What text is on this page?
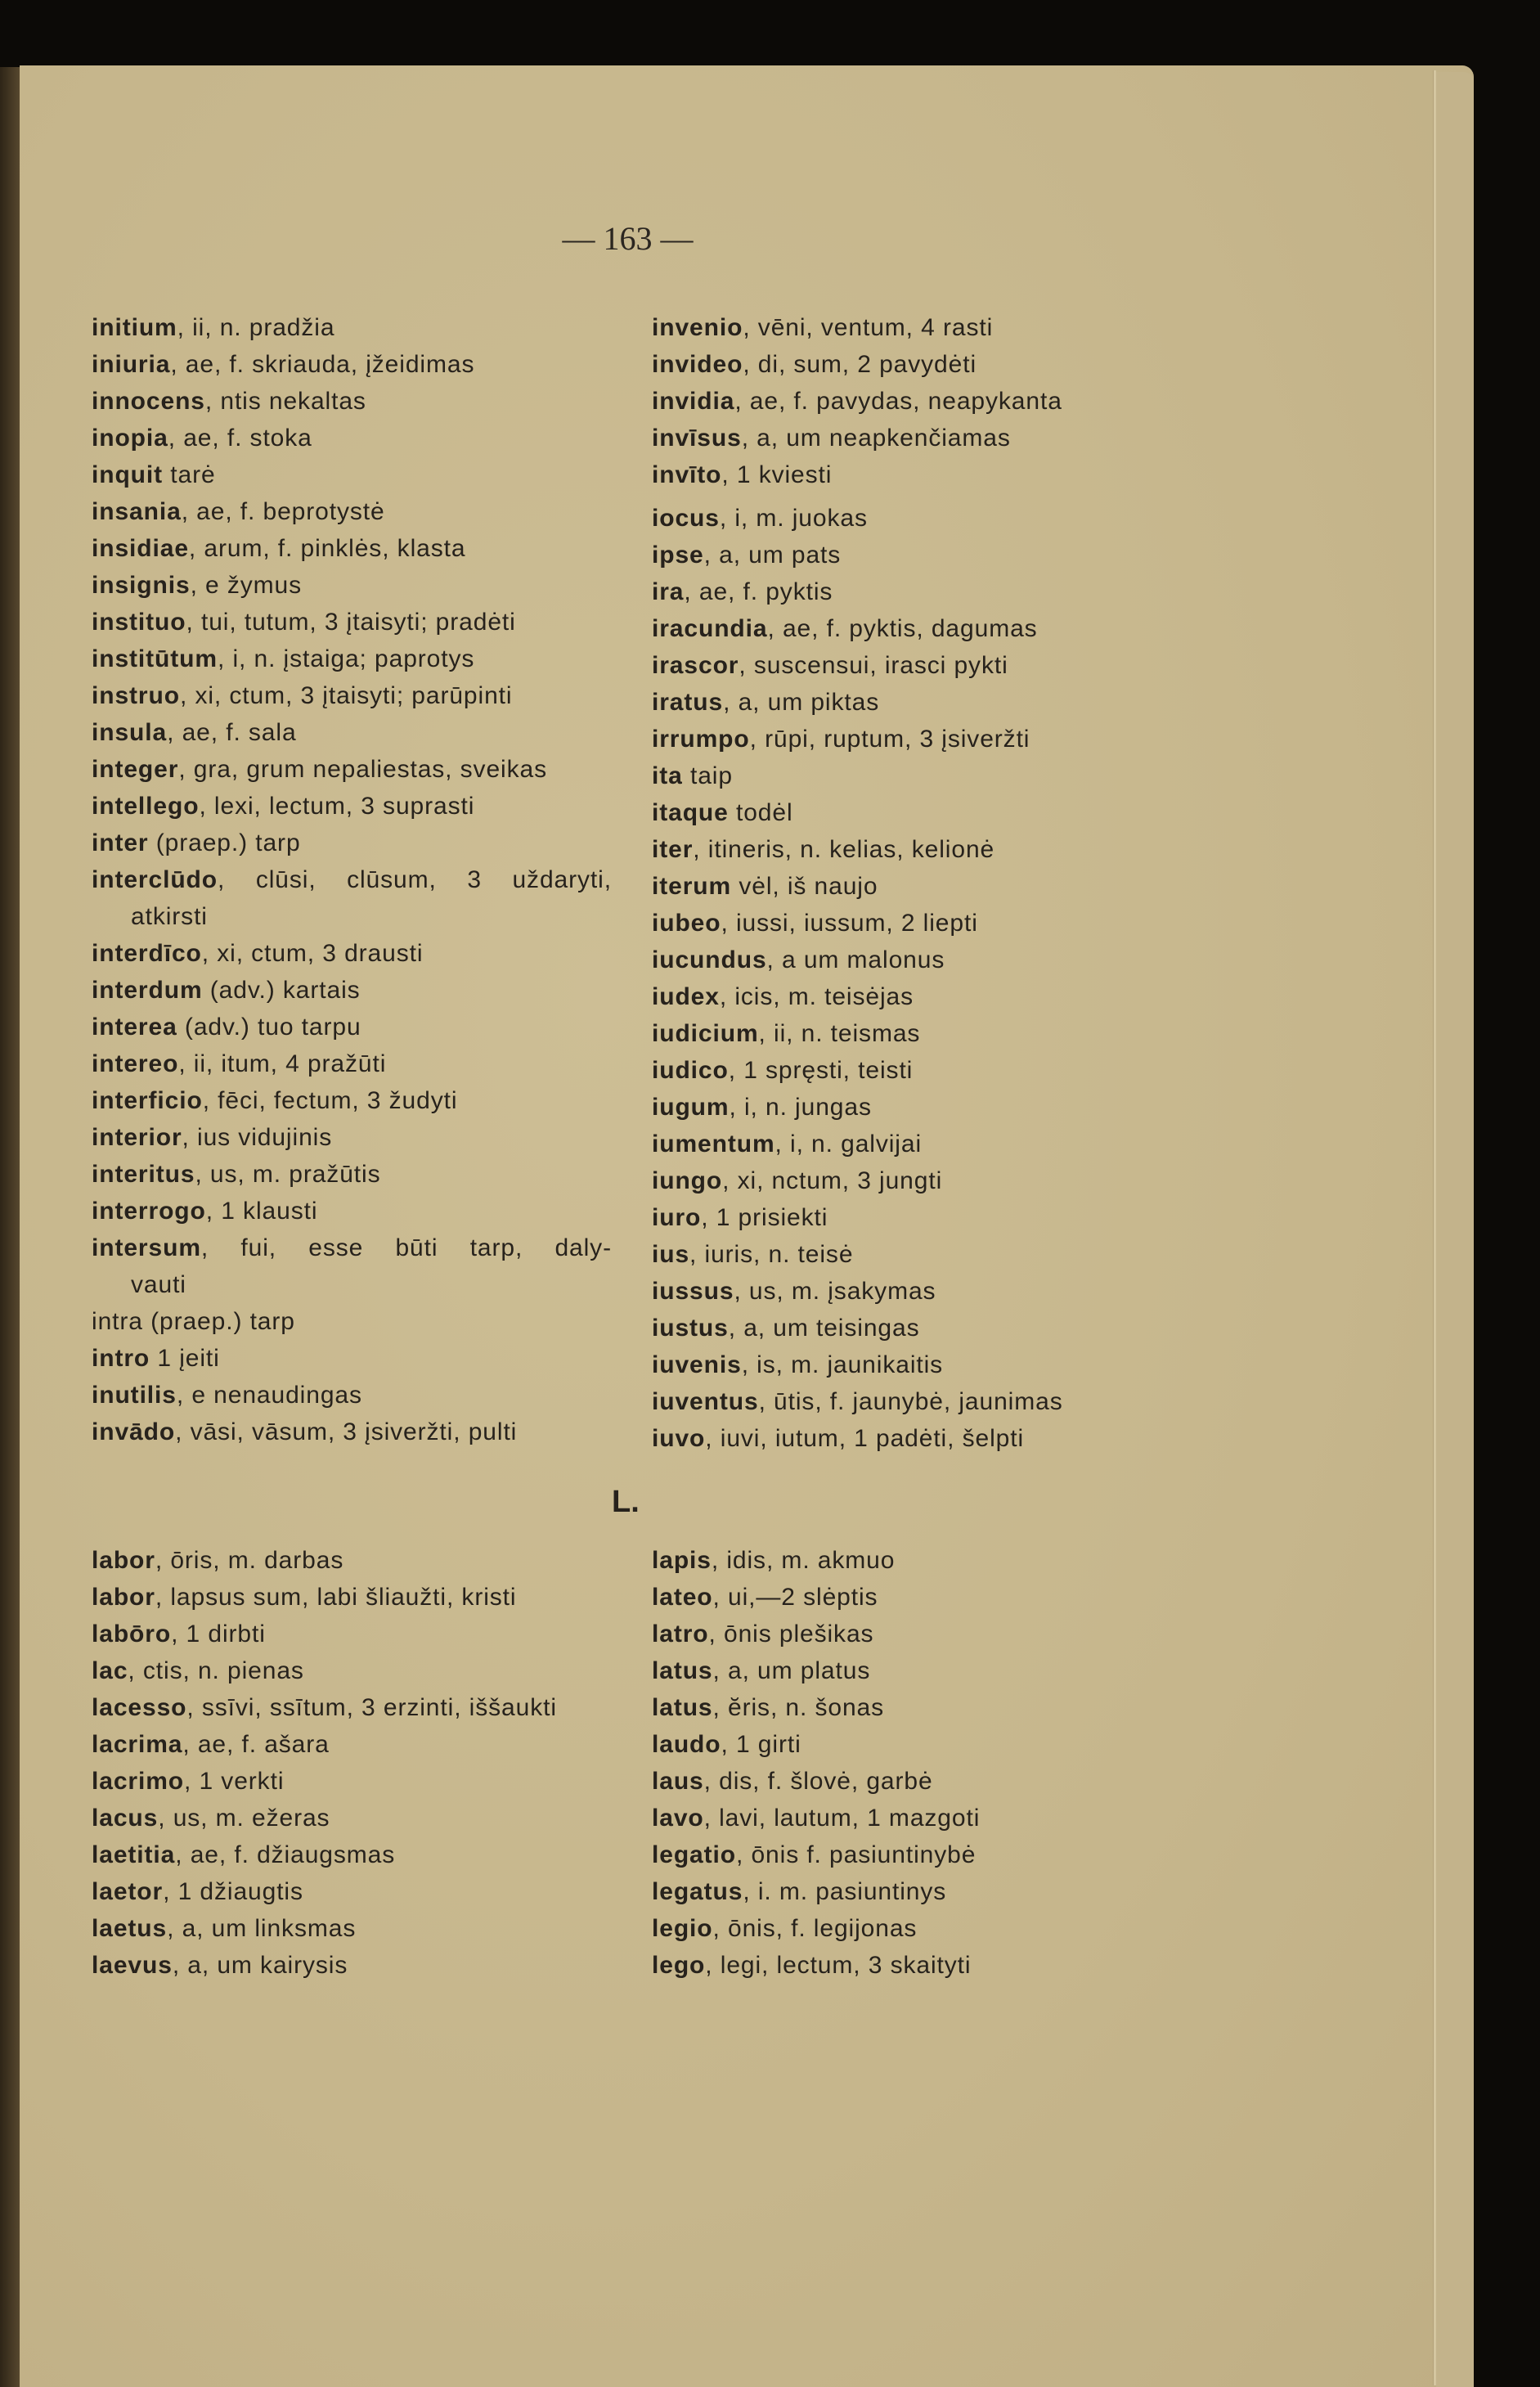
— 163 —
initium, ii, n. pradžia
iniuria, ae, f. skriauda, įžeidimas
innocens, ntis nekaltas
inopia, ae, f. stoka
inquit tarė
insania, ae, f. beprotystė
insidiae, arum, f. pinklės, klasta
insignis, e žymus
instituo, tui, tutum, 3 įtaisyti; pradėti
institūtum, i, n. įstaiga; paprotys
instruo, xi, ctum, 3 įtaisyti; parūpinti
insula, ae, f. sala
integer, gra, grum nepaliestas, sveikas
intellego, lexi, lectum, 3 suprasti
inter (praep.) tarp
interclūdo, clūsi, clūsum, 3 uždaryti,
atkirsti
interdīco, xi, ctum, 3 drausti
interdum (adv.) kartais
interea (adv.) tuo tarpu
intereo, ii, itum, 4 pražūti
interficio, fēci, fectum, 3 žudyti
interior, ius vidujinis
interitus, us, m. pražūtis
interrogo, 1 klausti
intersum, fui, esse būti tarp, daly-
vauti
intra (praep.) tarp
intro 1 įeiti
inutilis, e nenaudingas
invādo, vāsi, vāsum, 3 įsiveržti, pulti
invenio, vēni, ventum, 4 rasti
invideo, di, sum, 2 pavydėti
invidia, ae, f. pavydas, neapykanta
invīsus, a, um neapkenčiamas
invīto, 1 kviesti
iocus, i, m. juokas
ipse, a, um pats
ira, ae, f. pyktis
iracundia, ae, f. pyktis, dagumas
irascor, suscensui, irasci pykti
iratus, a, um piktas
irrumpo, rūpi, ruptum, 3 įsiveržti
ita taip
itaque todėl
iter, itineris, n. kelias, kelionė
iterum vėl, iš naujo
iubeo, iussi, iussum, 2 liepti
iucundus, a um malonus
iudex, icis, m. teisėjas
iudicium, ii, n. teismas
iudico, 1 spręsti, teisti
iugum, i, n. jungas
iumentum, i, n. galvijai
iungo, xi, nctum, 3 jungti
iuro, 1 prisiekti
ius, iuris, n. teisė
iussus, us, m. įsakymas
iustus, a, um teisingas
iuvenis, is, m. jaunikaitis
iuventus, ūtis, f. jaunybė, jaunimas
iuvo, iuvi, iutum, 1 padėti, šelpti
L.
labor, ōris, m. darbas
labor, lapsus sum, labi šliaužti, kristi
labōro, 1 dirbti
lac, ctis, n. pienas
lacesso, ssīvi, ssītum, 3 erzinti, iššaukti
lacrima, ae, f. ašara
lacrimo, 1 verkti
lacus, us, m. ežeras
laetitia, ae, f. džiaugsmas
laetor, 1 džiaugtis
laetus, a, um linksmas
laevus, a, um kairysis
lapis, idis, m. akmuo
lateo, ui,—2 slėptis
latro, ōnis plešikas
latus, a, um platus
latus, ĕris, n. šonas
laudo, 1 girti
laus, dis, f. šlovė, garbė
lavo, lavi, lautum, 1 mazgoti
legatio, ōnis f. pasiuntinybė
legatus, i. m. pasiuntinys
legio, ōnis, f. legijonas
lego, legi, lectum, 3 skaityti
